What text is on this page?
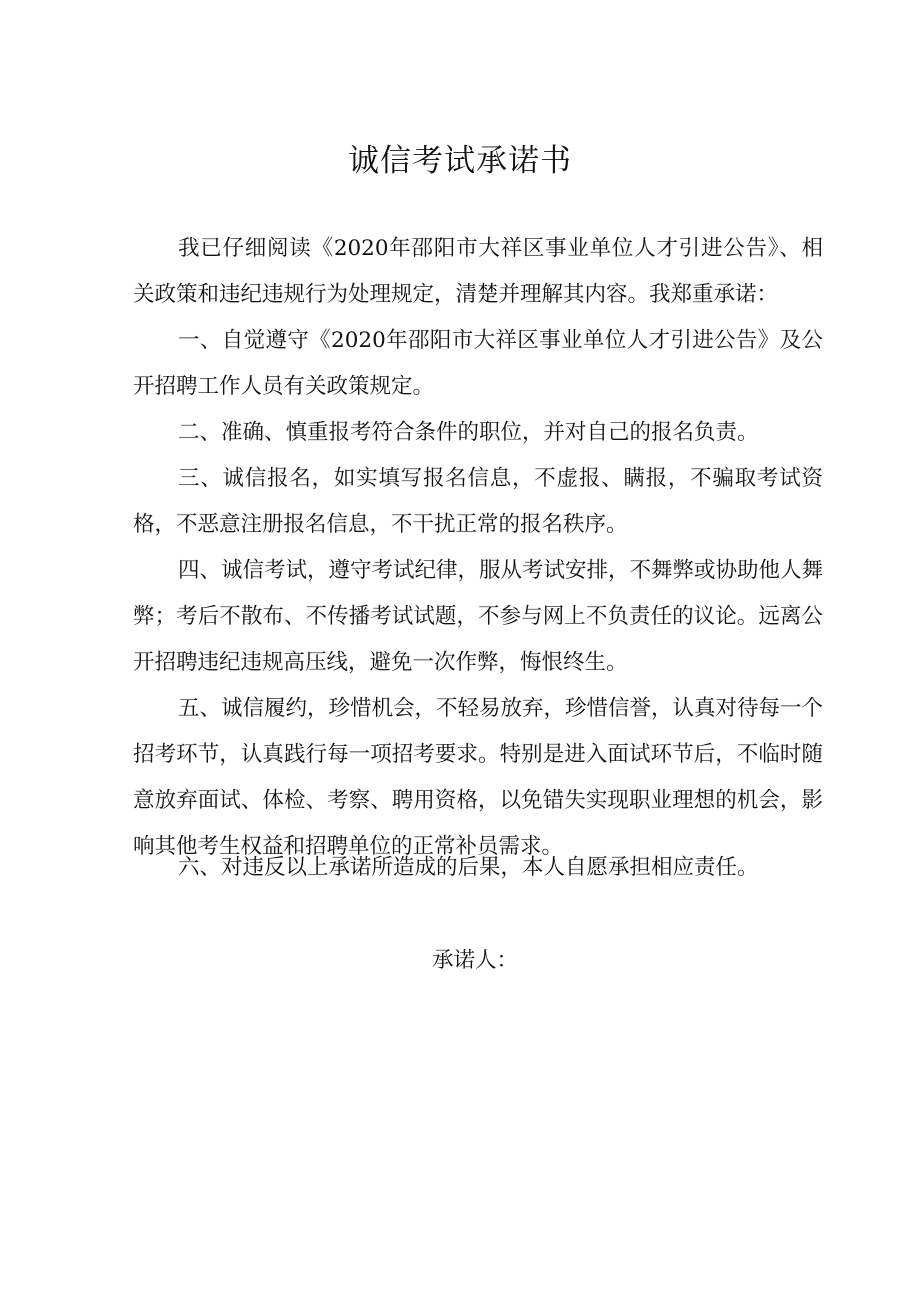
诚信考试承诺书
我已仔细阅读《2020年邵阳市大祥区事业单位人才引进公告》、相关政策和违纪违规行为处理规定，清楚并理解其内容。我郑重承诺：
一、自觉遵守《2020年邵阳市大祥区事业单位人才引进公告》及公开招聘工作人员有关政策规定。
二、准确、慎重报考符合条件的职位，并对自己的报名负责。
三、诚信报名，如实填写报名信息，不虚报、瞒报，不骗取考试资格，不恶意注册报名信息，不干扰正常的报名秩序。
四、诚信考试，遵守考试纪律，服从考试安排，不舞弊或协助他人舞弊；考后不散布、不传播考试试题，不参与网上不负责任的议论。远离公开招聘违纪违规高压线，避免一次作弊，悔恨终生。
五、诚信履约，珍惜机会，不轻易放弃，珍惜信誉，认真对待每一个招考环节，认真践行每一项招考要求。特别是进入面试环节后，不临时随意放弃面试、体检、考察、聘用资格，以免错失实现职业理想的机会，影响其他考生权益和招聘单位的正常补员需求。
六、对违反以上承诺所造成的后果，本人自愿承担相应责任。
承诺人：
